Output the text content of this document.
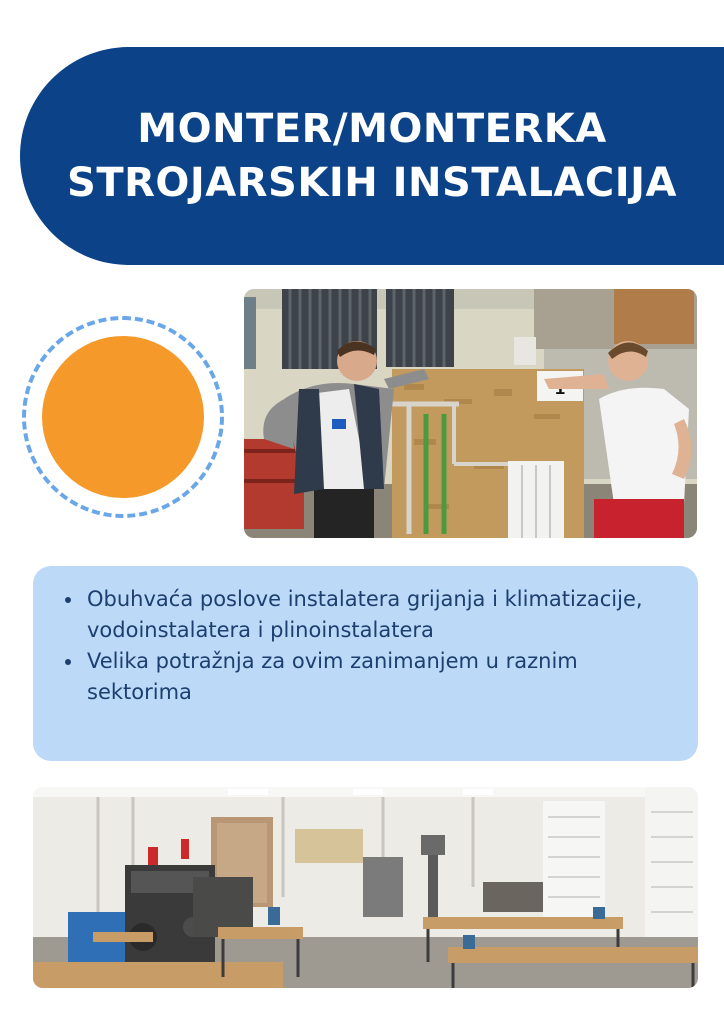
MONTER/MONTERKA
STROJARSKIH INSTALACIJA
Obuhvaća poslove instalatera grijanja i klimatizacije, vodoinstalatera i plinoinstalatera
Velika potražnja za ovim zanimanjem u raznim sektorima
